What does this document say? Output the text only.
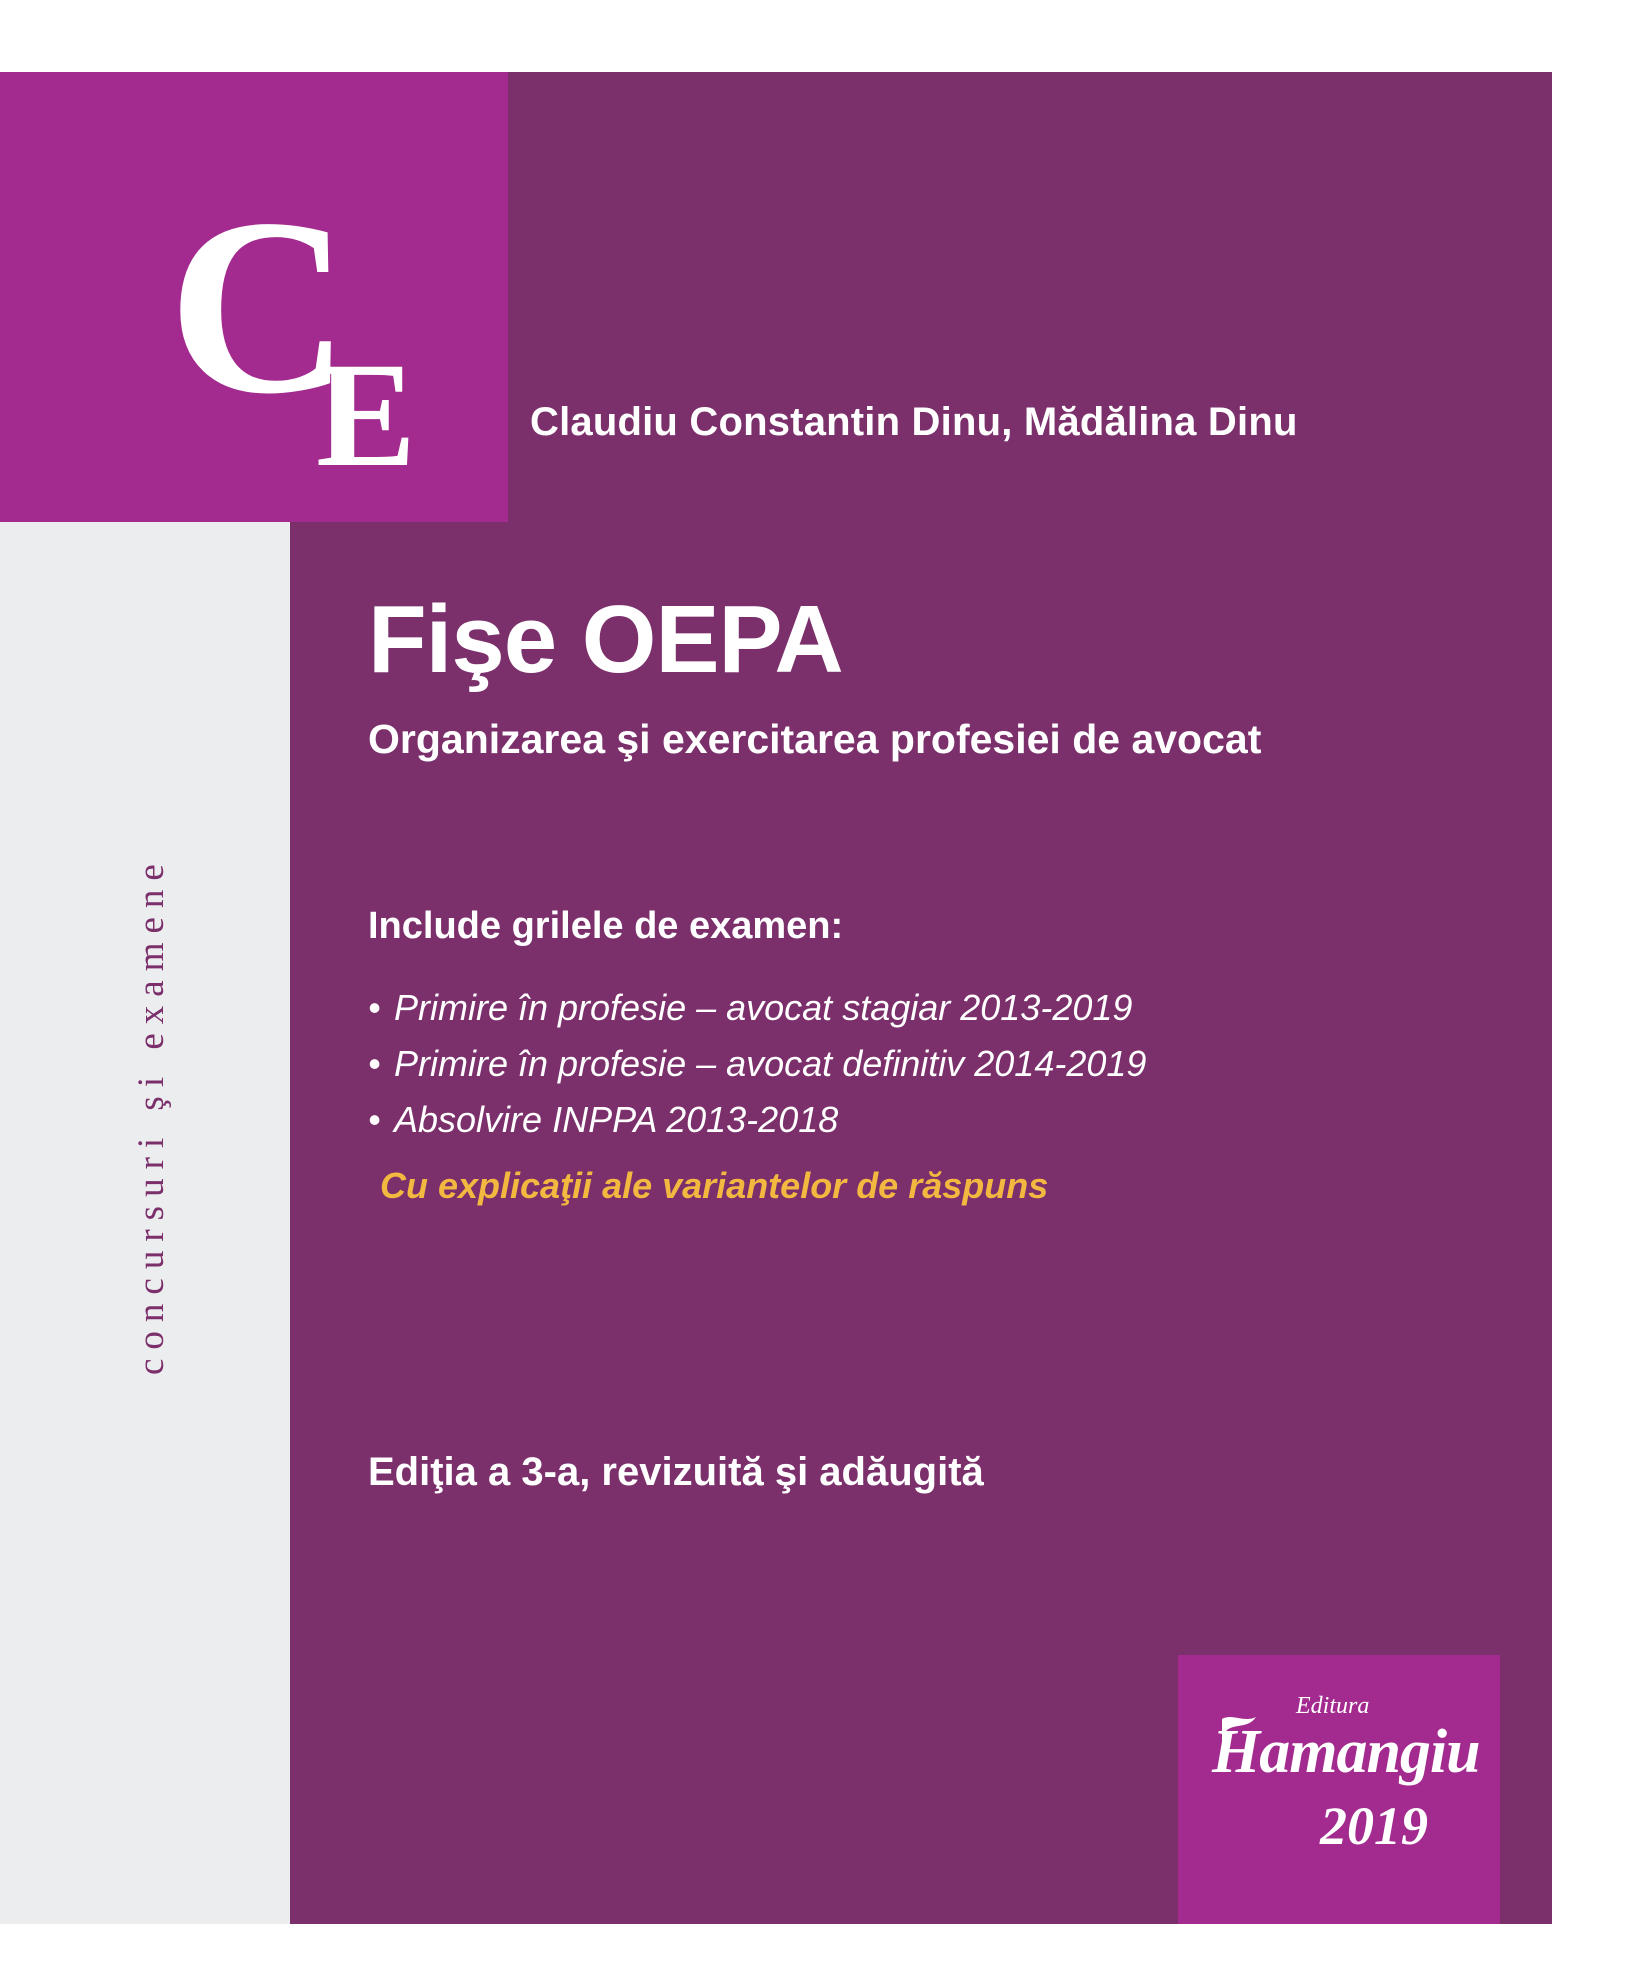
C
E
concursuri şi examene
Claudiu Constantin Dinu, Mădălina Dinu
Fişe OEPA
Organizarea şi exercitarea profesiei de avocat
Include grilele de examen:
• Primire în profesie – avocat stagiar 2013-2019
• Primire în profesie – avocat definitiv 2014-2019
• Absolvire INPPA 2013-2018
Cu explicaţii ale variantelor de răspuns
Ediţia a 3-a, revizuită şi adăugită
Editura
Hamangiu
2019
